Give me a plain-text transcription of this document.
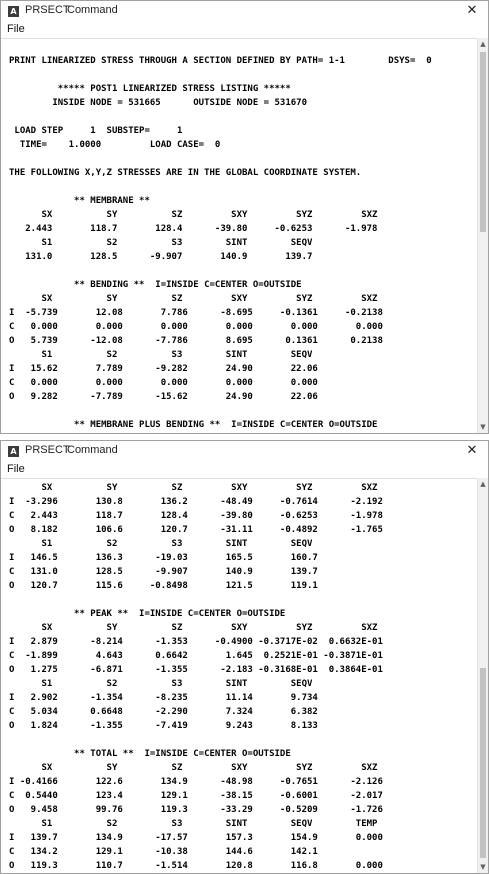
A PRSECT
Command	✕
File
PRINT LINEARIZED STRESS THROUGH A SECTION DEFINED BY PATH= 1-1        DSYS=  0
***** POST1 LINEARIZED STRESS LISTING *****
INSIDE NODE = 531665      OUTSIDE NODE = 531670
LOAD STEP     1  SUBSTEP=     1
TIME=    1.0000         LOAD CASE=  0
THE FOLLOWING X,Y,Z STRESSES ARE IN THE GLOBAL COORDINATE SYSTEM.
** MEMBRANE **
SX          SY          SZ         SXY         SYZ         SXZ
2.443       118.7       128.4      -39.80     -0.6253      -1.978
S1          S2          S3        SINT        SEQV
131.0       128.5      -9.907       140.9       139.7
** BENDING **  I=INSIDE C=CENTER O=OUTSIDE
SX          SY          SZ         SXY         SYZ         SXZ
I  -5.739       12.08       7.786      -8.695     -0.1361     -0.2138
C   0.000       0.000       0.000       0.000       0.000       0.000
O   5.739      -12.08      -7.786       8.695      0.1361      0.2138
S1          S2          S3        SINT        SEQV
I   15.62       7.789      -9.282       24.90       22.06
C   0.000       0.000       0.000       0.000       0.000
O   9.282      -7.789      -15.62       24.90       22.06
** MEMBRANE PLUS BENDING **  I=INSIDE C=CENTER O=OUTSIDE
▲
▼
A PRSECT
Command	✕
File
SX          SY          SZ         SXY         SYZ         SXZ
I  -3.296       130.8       136.2      -48.49     -0.7614      -2.192
C   2.443       118.7       128.4      -39.80     -0.6253      -1.978
O   8.182       106.6       120.7      -31.11     -0.4892      -1.765
S1          S2          S3        SINT        SEQV
I   146.5       136.3      -19.03       165.5       160.7
C   131.0       128.5      -9.907       140.9       139.7
O   120.7       115.6     -0.8498       121.5       119.1
** PEAK **  I=INSIDE C=CENTER O=OUTSIDE
SX          SY          SZ         SXY         SYZ         SXZ
I   2.879      -8.214      -1.353     -0.4900 -0.3717E-02  0.6632E-01
C  -1.899       4.643      0.6642       1.645  0.2521E-01 -0.3871E-01
O   1.275      -6.871      -1.355      -2.183 -0.3168E-01  0.3864E-01
S1          S2          S3        SINT        SEQV
I   2.902      -1.354      -8.235       11.14       9.734
C   5.034      0.6648      -2.290       7.324       6.382
O   1.824      -1.355      -7.419       9.243       8.133
** TOTAL **  I=INSIDE C=CENTER O=OUTSIDE
SX          SY          SZ         SXY         SYZ         SXZ
I -0.4166       122.6       134.9      -48.98     -0.7651      -2.126
C  0.5440       123.4       129.1      -38.15     -0.6001      -2.017
O   9.458       99.76       119.3      -33.29     -0.5209      -1.726
S1          S2          S3        SINT        SEQV        TEMP
I   139.7       134.9      -17.57       157.3       154.9       0.000
C   134.2       129.1      -10.38       144.6       142.1
O   119.3       110.7      -1.514       120.8       116.8       0.000
▲
▼
